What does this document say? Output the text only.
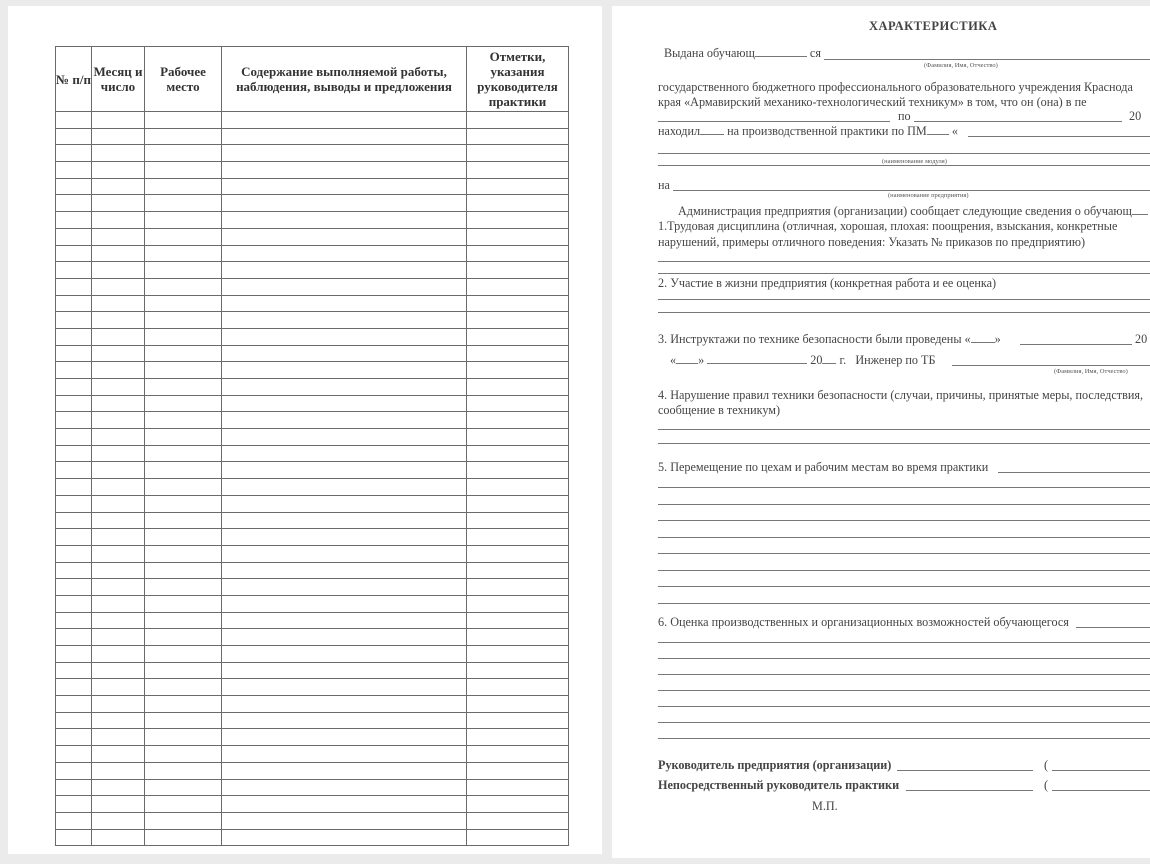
№ п/п	Месяц и число	Рабочее место	Содержание выполняемой работы, наблюдения, выводы и предложения	Отметки, указания руководителя практики

ХАРАКТЕРИСТИКА
Выдана обучающ	ся
(Фамилия, Имя, Отчество)
государственного бюджетного профессионального образовательного учреждения Краснода
края «Армавирский механико-технологический техникум» в том, что он (она) в пе
по	20
находил на производственной практики по ПМ «
(наименование модуля)
на
(наименование предприятия)
Администрация предприятия (организации) сообщает следующие сведения о обучающ
1.Трудовая дисциплина (отличная, хорошая, плохая: поощрения, взыскания, конкретные
нарушений, примеры отличного поведения: Указать № приказов по предприятию)
2. Участие в жизни предприятия (конкретная работа и ее оценка)
3. Инструктажи по технике безопасности были проведены « »	20
« »	20 г. Инженер по ТБ
(Фамилия, Имя, Отчество)
4. Нарушение правил техники безопасности (случаи, причины, принятые меры, последствия,
сообщение в техникум)
5. Перемещение по цехам и рабочим местам во время практики
6. Оценка производственных и организационных возможностей обучающегося
Руководитель предприятия (организации)	(
Непосредственный руководитель практики	(
М.П.
